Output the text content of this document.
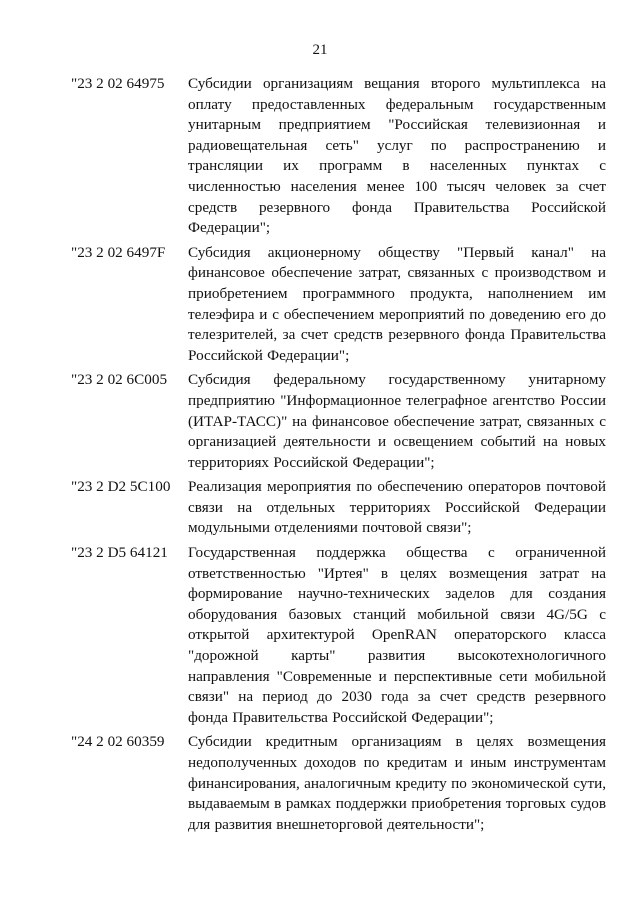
21
"23 2 02 64975	Субсидии организациям вещания второго мультиплекса на оплату предоставленных федеральным государственным унитарным предприятием "Российская телевизионная и радиовещательная сеть" услуг по распространению и трансляции их программ в населенных пунктах с численностью населения менее 100 тысяч человек за счет средств резервного фонда Правительства Российской Федерации";
"23 2 02 6497F	Субсидия акционерному обществу "Первый канал" на финансовое обеспечение затрат, связанных с производством и приобретением программного продукта, наполнением им телеэфира и с обеспечением мероприятий по доведению его до телезрителей, за счет средств резервного фонда Правительства Российской Федерации";
"23 2 02 6С005	Субсидия федеральному государственному унитарному предприятию "Информационное телеграфное агентство России (ИТАР-ТАСС)" на финансовое обеспечение затрат, связанных с организацией деятельности и освещением событий на новых территориях Российской Федерации";
"23 2 D2 5С100	Реализация мероприятия по обеспечению операторов почтовой связи на отдельных территориях Российской Федерации модульными отделениями почтовой связи";
"23 2 D5 64121	Государственная поддержка общества с ограниченной ответственностью "Иртея" в целях возмещения затрат на формирование научно-технических заделов для создания оборудования базовых станций мобильной связи 4G/5G с открытой архитектурой OpenRAN операторского класса "дорожной карты" развития высокотехнологичного направления "Современные и перспективные сети мобильной связи" на период до 2030 года за счет средств резервного фонда Правительства Российской Федерации";
"24 2 02 60359	Субсидии кредитным организациям в целях возмещения недополученных доходов по кредитам и иным инструментам финансирования, аналогичным кредиту по экономической сути, выдаваемым в рамках поддержки приобретения торговых судов для развития внешнеторговой деятельности";
